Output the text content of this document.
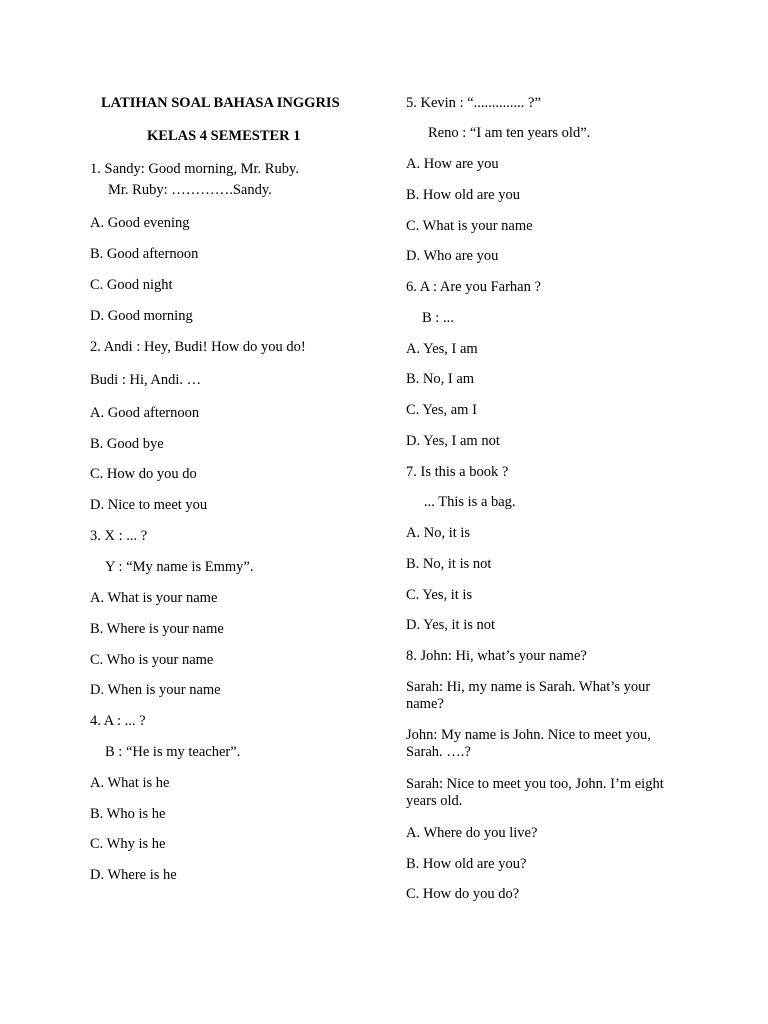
LATIHAN SOAL BAHASA INGGRIS

KELAS 4 SEMESTER 1

1. Sandy: Good morning, Mr. Ruby.

Mr. Ruby: ………….Sandy.

A. Good evening

B. Good afternoon

C. Good night

D. Good morning

2. Andi : Hey, Budi! How do you do!

Budi : Hi, Andi. …

A. Good afternoon

B. Good bye

C. How do you do

D. Nice to meet you

3. X : ... ?

Y : “My name is Emmy”.

A. What is your name

B. Where is your name

C. Who is your name

D. When is your name

4. A : ... ?

B : “He is my teacher”.

A. What is he

B. Who is he

C. Why is he

D. Where is he

5. Kevin : “.............. ?”

Reno : “I am ten years old”.

A. How are you

B. How old are you

C. What is your name

D. Who are you

6. A : Are you Farhan ?

B : ...

A. Yes, I am

B. No, I am

C. Yes, am I

D. Yes, I am not

7. Is this a book ?

... This is a bag.

A. No, it is

B. No, it is not

C. Yes, it is

D. Yes, it is not

8. John: Hi, what’s your name?

Sarah: Hi, my name is Sarah. What’s your

name?

John: My name is John. Nice to meet you,

Sarah. ….?

Sarah: Nice to meet you too, John. I’m eight

years old.

A. Where do you live?

B. How old are you?

C. How do you do?
